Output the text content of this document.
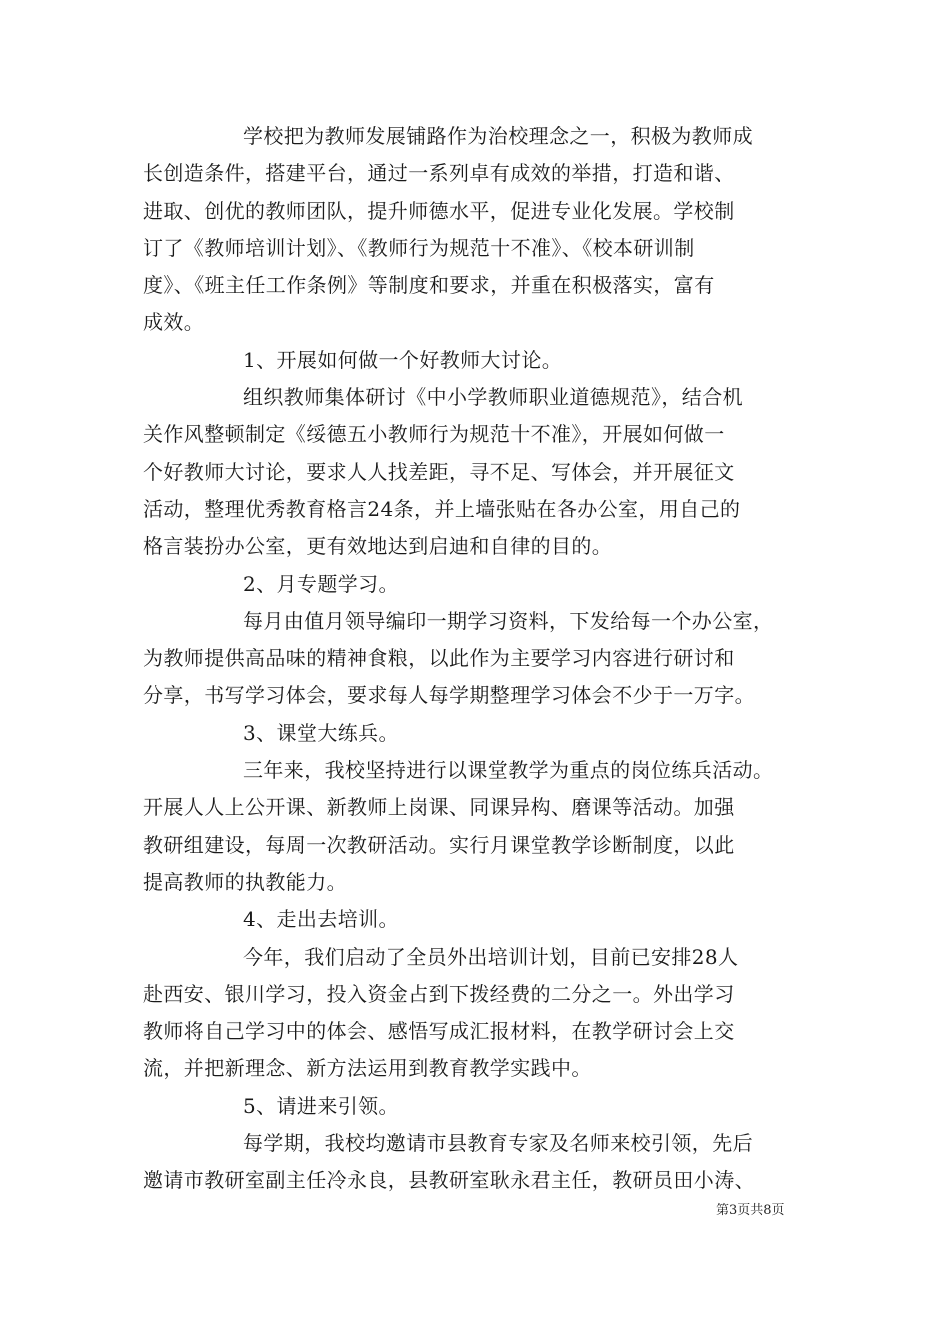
学校把为教师发展铺路作为治校理念之一，积极为教师成
长创造条件，搭建平台，通过一系列卓有成效的举措，打造和谐、
进取、创优的教师团队，提升师德水平，促进专业化发展。学校制
订了《教师培训计划》、《教师行为规范十不准》、《校本研训制
度》、《班主任工作条例》等制度和要求，并重在积极落实，富有
成效。
1、开展如何做一个好教师大讨论。
组织教师集体研讨《中小学教师职业道德规范》，结合机
关作风整顿制定《绥德五小教师行为规范十不准》，开展如何做一
个好教师大讨论，要求人人找差距，寻不足、写体会，并开展征文
活动，整理优秀教育格言24条，并上墙张贴在各办公室，用自己的
格言装扮办公室，更有效地达到启迪和自律的目的。
2、月专题学习。
每月由值月领导编印一期学习资料，下发给每一个办公室，
为教师提供高品味的精神食粮，以此作为主要学习内容进行研讨和
分享，书写学习体会，要求每人每学期整理学习体会不少于一万字。
3、课堂大练兵。
三年来，我校坚持进行以课堂教学为重点的岗位练兵活动。
开展人人上公开课、新教师上岗课、同课异构、磨课等活动。加强
教研组建设，每周一次教研活动。实行月课堂教学诊断制度，以此
提高教师的执教能力。
4、走出去培训。
今年，我们启动了全员外出培训计划，目前已安排28人
赴西安、银川学习，投入资金占到下拨经费的二分之一。外出学习
教师将自己学习中的体会、感悟写成汇报材料，在教学研讨会上交
流，并把新理念、新方法运用到教育教学实践中。
5、请进来引领。
每学期，我校均邀请市县教育专家及名师来校引领，先后
邀请市教研室副主任冷永良，县教研室耿永君主任，教研员田小涛、
第3页共8页
